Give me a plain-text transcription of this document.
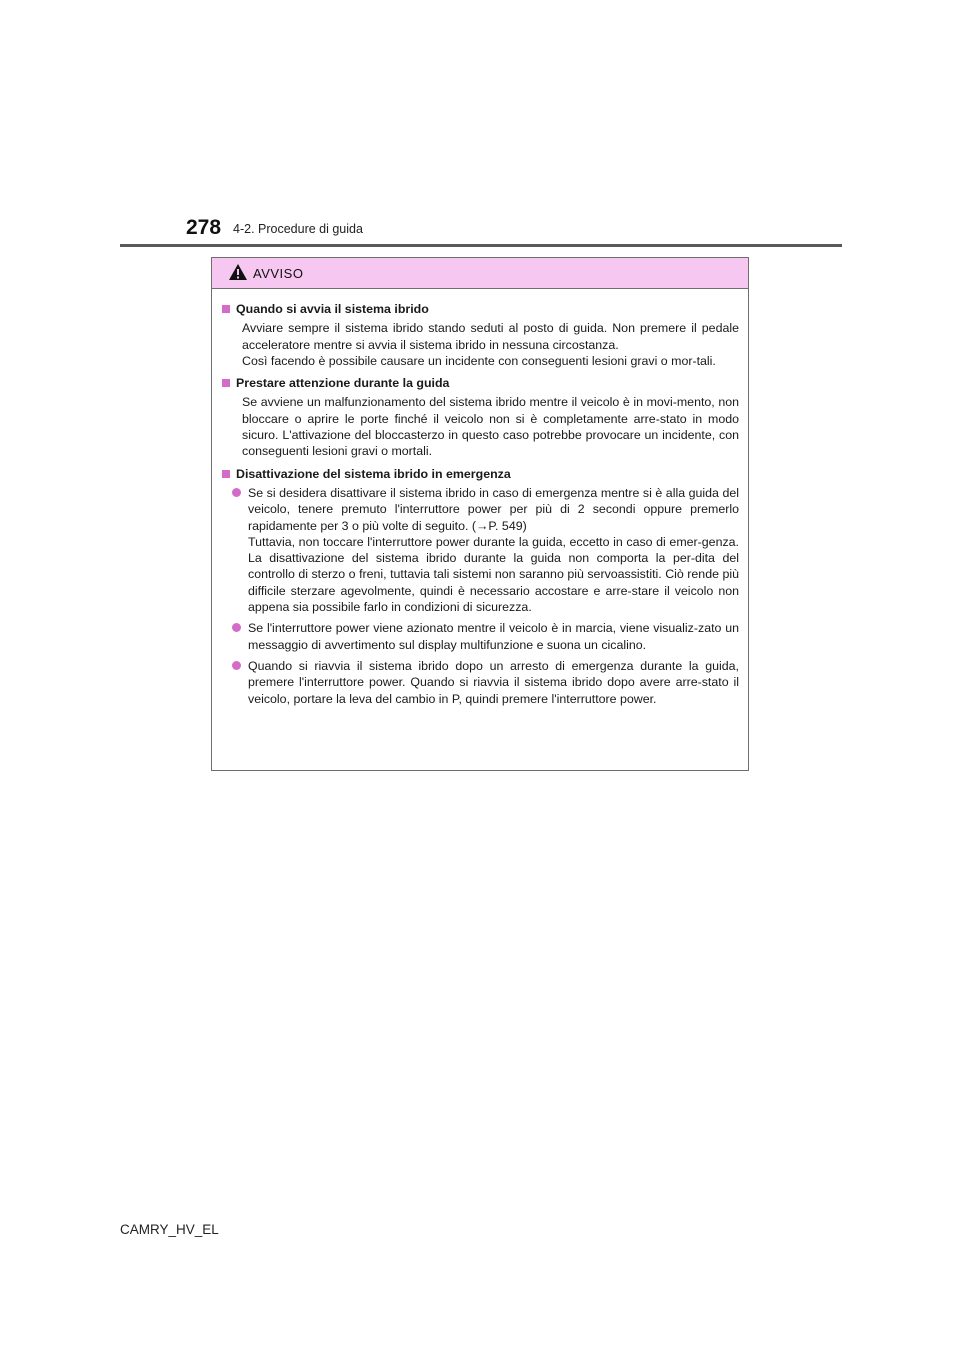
278 4-2. Procedure di guida
AVVISO
Quando si avvia il sistema ibrido

Avviare sempre il sistema ibrido stando seduti al posto di guida. Non premere il pedale acceleratore mentre si avvia il sistema ibrido in nessuna circostanza.

Così facendo è possibile causare un incidente con conseguenti lesioni gravi o mor-tali.

Prestare attenzione durante la guida

Se avviene un malfunzionamento del sistema ibrido mentre il veicolo è in movi-mento, non bloccare o aprire le porte finché il veicolo non si è completamente arre-stato in modo sicuro. L'attivazione del bloccasterzo in questo caso potrebbe provocare un incidente, con conseguenti lesioni gravi o mortali.

Disattivazione del sistema ibrido in emergenza

Se si desidera disattivare il sistema ibrido in caso di emergenza mentre si è alla guida del veicolo, tenere premuto l'interruttore power per più di 2 secondi oppure premerlo rapidamente per 3 o più volte di seguito. (→P. 549)

Tuttavia, non toccare l'interruttore power durante la guida, eccetto in caso di emer-genza. La disattivazione del sistema ibrido durante la guida non comporta la per-dita del controllo di sterzo o freni, tuttavia tali sistemi non saranno più servoassistiti. Ciò rende più difficile sterzare agevolmente, quindi è necessario accostare e arre-stare il veicolo non appena sia possibile farlo in condizioni di sicurezza.

Se l'interruttore power viene azionato mentre il veicolo è in marcia, viene visualiz-zato un messaggio di avvertimento sul display multifunzione e suona un cicalino.

Quando si riavvia il sistema ibrido dopo un arresto di emergenza durante la guida, premere l'interruttore power. Quando si riavvia il sistema ibrido dopo avere arre-stato il veicolo, portare la leva del cambio in P, quindi premere l'interruttore power.

CAMRY_HV_EL
